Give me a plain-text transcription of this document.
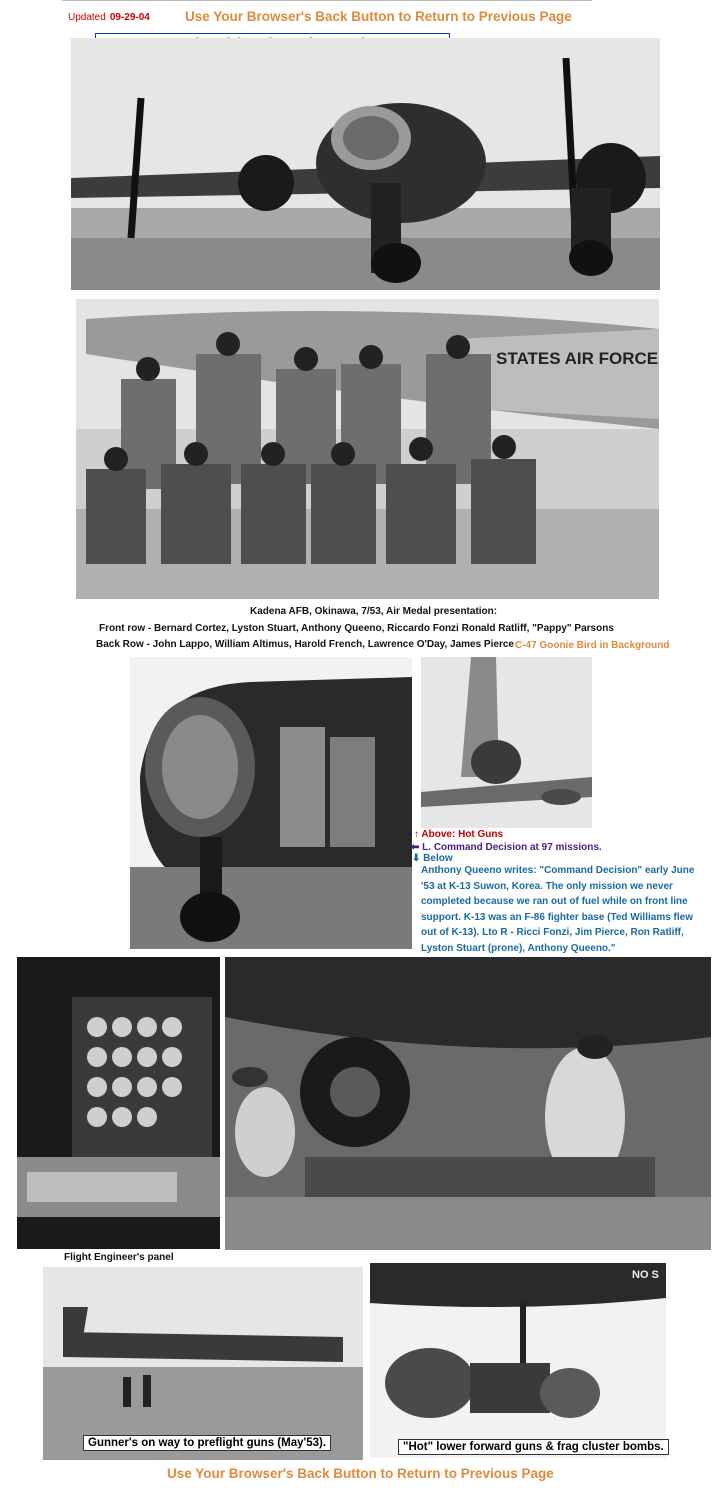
Updated 09-29-04	Use Your Browser's Back Button to Return to Previous Page
STATES AIR FORCE
Kadena AFB, Okinawa, 7/53, Air Medal presentation:
Front row - Bernard Cortez, Lyston Stuart, Anthony Queeno, Riccardo Fonzi Ronald Ratliff, "Pappy" Parsons
Back Row - John Lappo, William Altimus, Harold French, Lawrence O'Day, James Pierce C-47 Goonie Bird in Background
↑ Above: Hot Guns
⬅ L. Command Decision at 97 missions.
⬇ Below
Anthony Queeno writes: "Command Decision" early June
'53 at K-13 Suwon, Korea. The only mission we never
completed because we ran out of fuel while on front line
support. K-13 was an F-86 fighter base (Ted Williams flew
out of K-13). Lto R - Ricci Fonzi, Jim Pierce, Ron Ratliff,
Lyston Stuart (prone), Anthony Queeno."
Flight Engineer's panel
Gunner's on way to preflight guns (May'53).
NO S
"Hot" lower forward guns & frag cluster bombs.
Use Your Browser's Back Button to Return to Previous Page
